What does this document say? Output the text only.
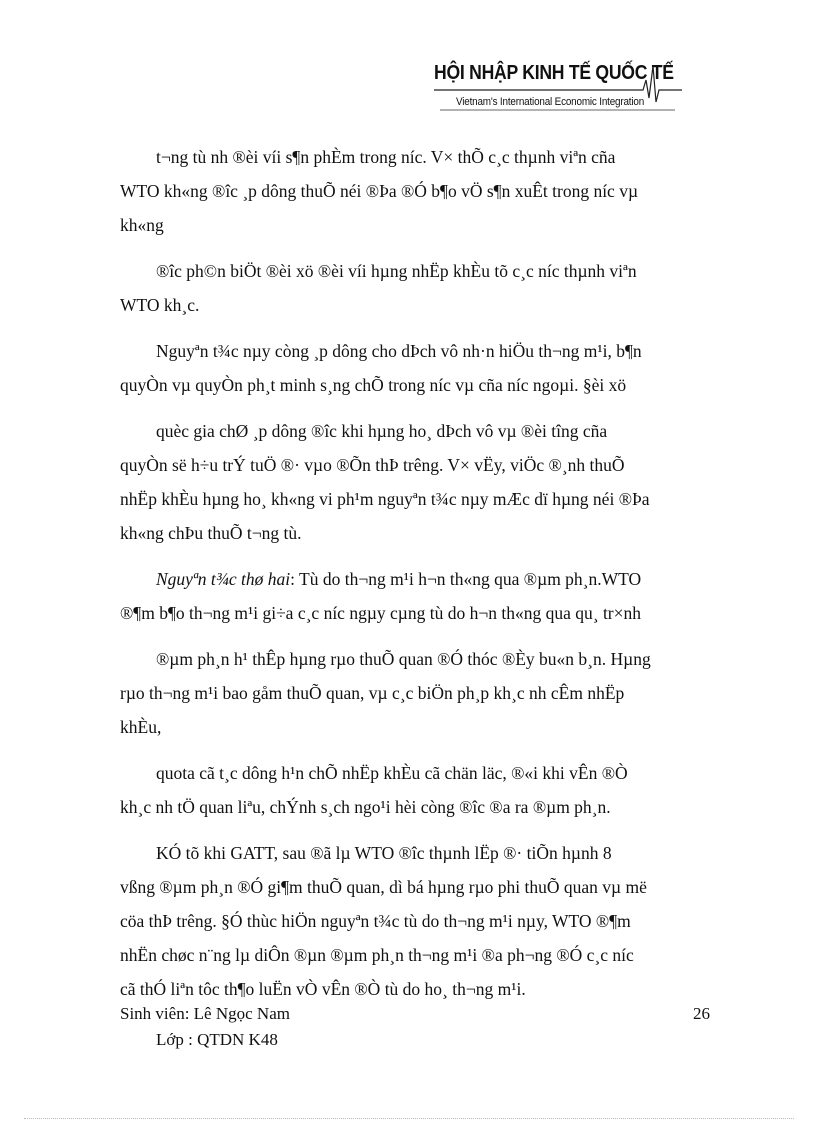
HỘI NHẬP KINH TẾ QUỐC TẾ
Vietnam's International Economic Integration

t¬ng tù nh ®èi víi s¶n phÈm trong níc. V× thÕ c¸c thµnh viªn cña

WTO kh«ng ®îc ¸p dông thuÕ néi ®Þa ®Ó b¶o vÖ s¶n xuÊt trong níc vµ

kh«ng

®îc ph©n biÖt ®èi xö ®èi víi hµng nhËp khÈu tõ c¸c níc thµnh viªn

WTO kh¸c.

Nguyªn t¾c nµy còng ¸p dông cho dÞch vô nh·n hiÖu th¬ng m¹i, b¶n

quyÒn vµ quyÒn ph¸t minh s¸ng chÕ trong níc vµ cña níc ngoµi. §èi xö

quèc gia chØ ¸p dông ®îc khi hµng ho¸ dÞch vô vµ ®èi tîng cña

quyÒn së h÷u trÝ tuÖ ®· vµo ®Õn thÞ trêng. V× vËy, viÖc ®¸nh thuÕ

nhËp khÈu hµng ho¸ kh«ng vi ph¹m nguyªn t¾c nµy mÆc dï hµng néi ®Þa

kh«ng chÞu thuÕ t¬ng tù.

Nguyªn t¾c thø hai: Tù do th¬ng m¹i h¬n th«ng qua ®µm ph¸n.WTO

®¶m b¶o th¬ng m¹i gi÷a c¸c níc ngµy cµng tù do h¬n th«ng qua qu¸ tr×nh

®µm ph¸n h¹ thÊp hµng rµo thuÕ quan ®Ó thóc ®Èy bu«n b¸n. Hµng

rµo th¬ng m¹i bao gåm thuÕ quan, vµ c¸c biÖn ph¸p kh¸c nh cÊm nhËp

khÈu,

quota cã t¸c dông h¹n chÕ nhËp khÈu cã chän läc, ®«i khi vÊn ®Ò

kh¸c nh tÖ quan liªu, chÝnh s¸ch ngo¹i hèi còng ®îc ®a ra ®µm ph¸n.

KÓ tõ khi GATT, sau ®ã lµ WTO ®îc thµnh lËp ®· tiÕn hµnh 8

vßng ®µm ph¸n ®Ó gi¶m thuÕ quan, dì bá hµng rµo phi thuÕ quan vµ më

cöa thÞ trêng. §Ó thùc hiÖn nguyªn t¾c tù do th¬ng m¹i nµy, WTO ®¶m

nhËn chøc n¨ng lµ diÔn ®µn ®µm ph¸n th¬ng m¹i ®a ph¬ng ®Ó c¸c níc

cã thÓ liªn tôc th¶o luËn vÒ vÊn ®Ò tù do ho¸ th¬ng m¹i.

Sinh viên: Lê Ngọc Nam
Lớp : QTDN K48
26
